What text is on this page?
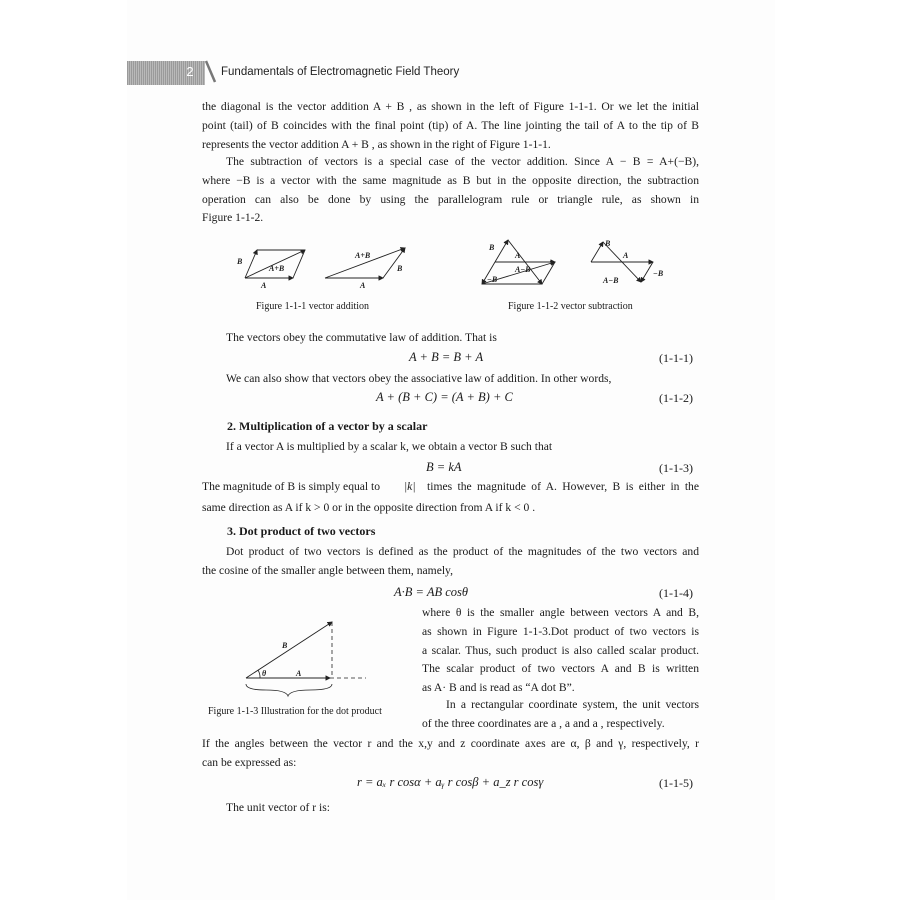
2	Fundamentals of Electromagnetic Field Theory
the diagonal is the vector addition A + B , as shown in the left of Figure 1-1-1. Or we let the initial
point (tail) of B coincides with the final point (tip) of A. The line jointing the tail of A to the tip of B
represents the vector addition A + B , as shown in the right of Figure 1-1-1.
The subtraction of vectors is a special case of the vector addition. Since A − B = A+(−B),
where −B is a vector with the same magnitude as B but in the opposite direction, the subtraction
operation can also be done by using the parallelogram rule or triangle rule, as shown in
Figure 1-1-2.
B
A+B
A
A+B
B
A
B
A
A−B
−B
B
A
−B
A−B
Figure 1-1-1 vector addition	Figure 1-1-2 vector subtraction
The vectors obey the commutative law of addition. That is
A + B = B + A	(1-1-1)
We can also show that vectors obey the associative law of addition. In other words,
A + (B + C) = (A + B) + C	(1-1-2)
2. Multiplication of a vector by a scalar
If a vector A is multiplied by a scalar k, we obtain a vector B such that
B = kA	(1-1-3)
The magnitude of B is simply equal to |k| times the magnitude of A. However, B is either in the
same direction as A if k > 0 or in the opposite direction from A if k < 0 .
3. Dot product of two vectors
Dot product of two vectors is defined as the product of the magnitudes of the two vectors and
the cosine of the smaller angle between them, namely,
A·B = AB cosθ	(1-1-4)
B
θ	A
Figure 1-1-3 Illustration for the dot product
where θ is the smaller angle between vectors A and B,
as shown in Figure 1-1-3.Dot product of two vectors is
a scalar. Thus, such product is also called scalar product.
The scalar product of two vectors A and B is written
as A· B and is read as “A dot B”.
In a rectangular coordinate system, the unit vectors
of the three coordinates are a , a and a , respectively.
If the angles between the vector r and the x,y and z coordinate axes are α, β and γ, respectively, r
can be expressed as:
r = aₓ r cosα + aᵧ r cosβ + a_z r cosγ	(1-1-5)
The unit vector of r is:
